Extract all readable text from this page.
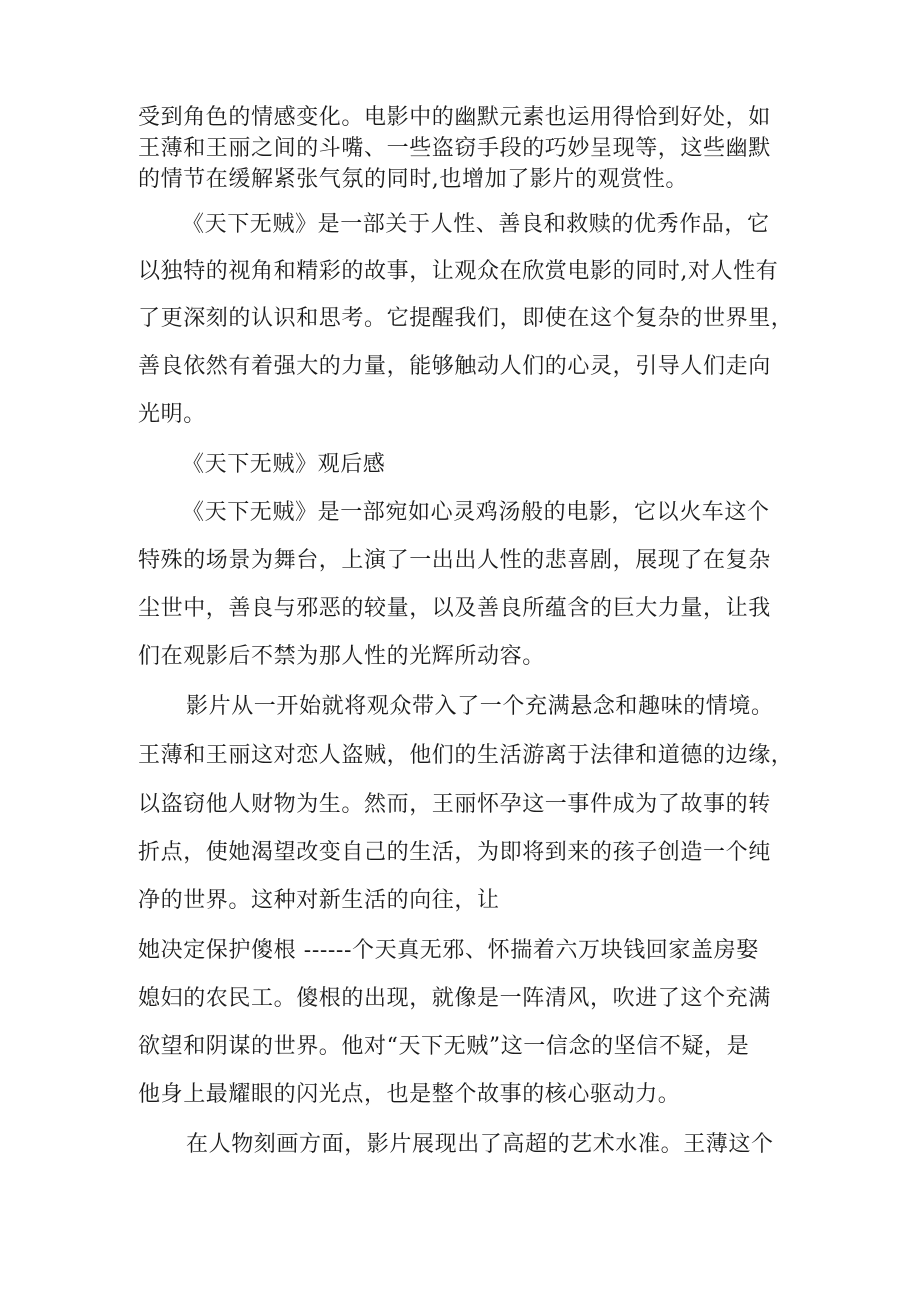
受到角色的情感变化。电影中的幽默元素也运用得恰到好处，如
王薄和王丽之间的斗嘴、一些盗窃手段的巧妙呈现等，这些幽默
的情节在缓解紧张气氛的同时,也增加了影片的观赏性。
《天下无贼》是一部关于人性、善良和救赎的优秀作品，它
以独特的视角和精彩的故事，让观众在欣赏电影的同时,对人性有
了更深刻的认识和思考。它提醒我们，即使在这个复杂的世界里，
善良依然有着强大的力量，能够触动人们的心灵，引导人们走向
光明。
《天下无贼》观后感
《天下无贼》是一部宛如心灵鸡汤般的电影，它以火车这个
特殊的场景为舞台，上演了一出出人性的悲喜剧，展现了在复杂
尘世中，善良与邪恶的较量，以及善良所蕴含的巨大力量，让我
们在观影后不禁为那人性的光辉所动容。
影片从一开始就将观众带入了一个充满悬念和趣味的情境。
王薄和王丽这对恋人盗贼，他们的生活游离于法律和道德的边缘，
以盗窃他人财物为生。然而，王丽怀孕这一事件成为了故事的转
折点，使她渴望改变自己的生活，为即将到来的孩子创造一个纯
净的世界。这种对新生活的向往，让
她决定保护傻根 ------个天真无邪、怀揣着六万块钱回家盖房娶
媳妇的农民工。傻根的出现，就像是一阵清风，吹进了这个充满
欲望和阴谋的世界。他对“天下无贼”这一信念的坚信不疑，是
他身上最耀眼的闪光点，也是整个故事的核心驱动力。
在人物刻画方面，影片展现出了高超的艺术水准。王薄这个
